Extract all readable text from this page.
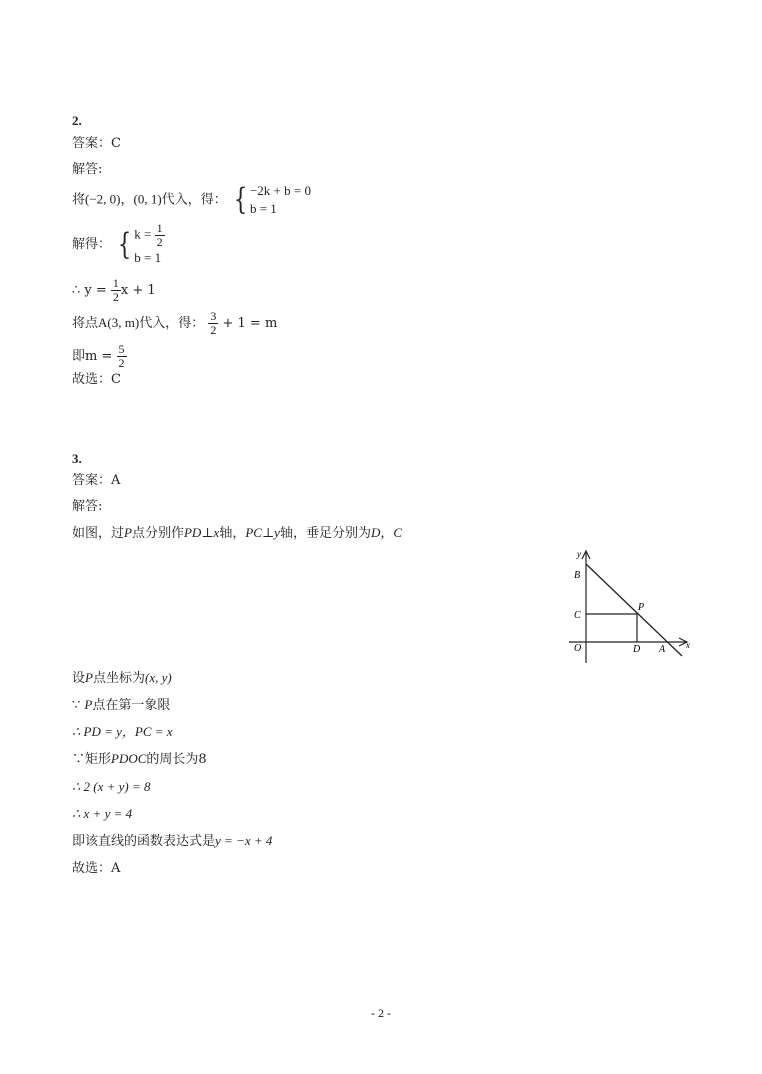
2.
答案：C
解答:
将(−2, 0)，(0, 1)代入，得： { −2k + b = 0
b = 1
解得： { $k = \frac{1}{2}$
b = 1
∴ $y = \frac{1}{2}$ x + 1
将点A(3, m)代入，得： $\frac{3}{2} + 1 = m$
即$m = \frac{5}{2}$
故选：C
3.
答案：A
解答:
如图，过P点分别作PD⊥x轴，PC⊥y轴，垂足分别为D，C
y
x
B
C
P
O	D A
设P点坐标为(x, y)
∵ P点在第一象限
∴ PD = y，PC = x
∵矩形PDOC的周长为8
∴ 2 (x + y) = 8
∴ x + y = 4
即该直线的函数表达式是y = −x + 4
故选：A
- 2 -
